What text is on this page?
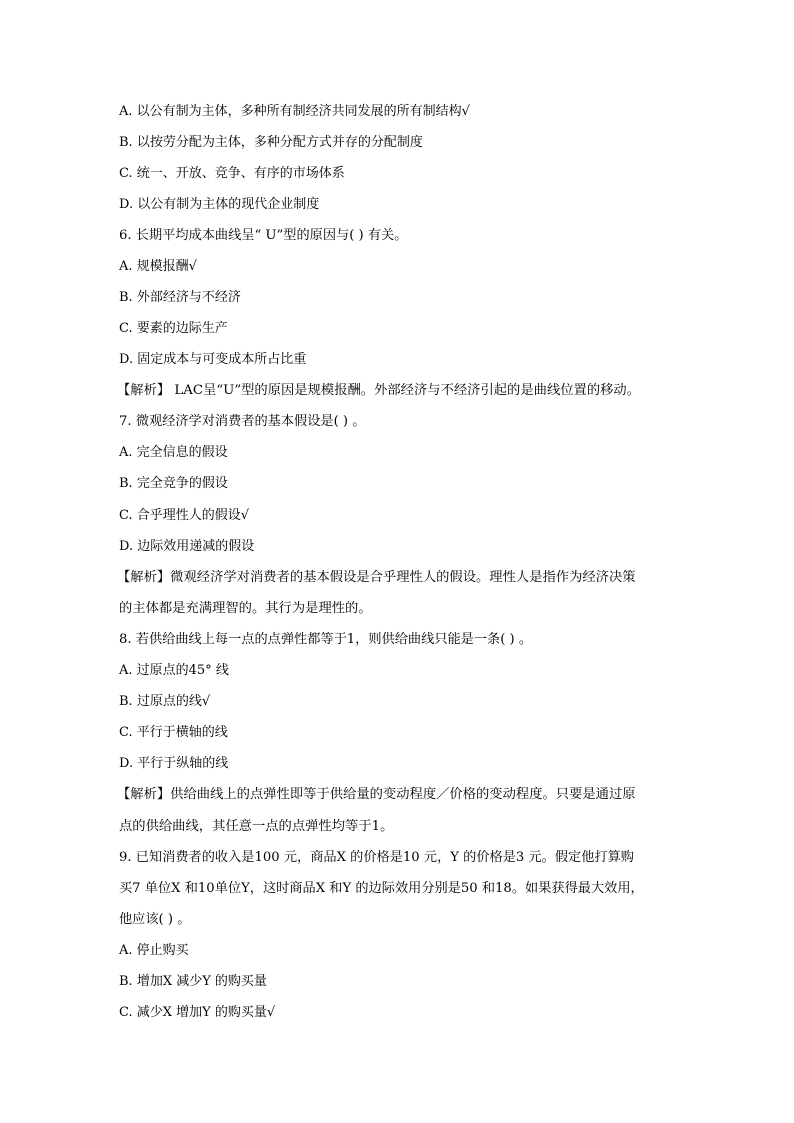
A. 以公有制为主体，多种所有制经济共同发展的所有制结构√
B. 以按劳分配为主体，多种分配方式并存的分配制度
C. 统一、开放、竞争、有序的市场体系
D. 以公有制为主体的现代企业制度
6. 长期平均成本曲线呈“ U”型的原因与( ) 有关。
A. 规模报酬√
B. 外部经济与不经济
C. 要素的边际生产
D. 固定成本与可变成本所占比重
【解析】 LAC呈“U”型的原因是规模报酬。外部经济与不经济引起的是曲线位置的移动。
7. 微观经济学对消费者的基本假设是( ) 。
A. 完全信息的假设
B. 完全竞争的假设
C. 合乎理性人的假设√
D. 边际效用递减的假设
【解析】微观经济学对消费者的基本假设是合乎理性人的假设。理性人是指作为经济决策
的主体都是充满理智的。其行为是理性的。
8. 若供给曲线上每一点的点弹性都等于1，则供给曲线只能是一条( ) 。
A. 过原点的45° 线
B. 过原点的线√
C. 平行于横轴的线
D. 平行于纵轴的线
【解析】供给曲线上的点弹性即等于供给量的变动程度／价格的变动程度。只要是通过原
点的供给曲线，其任意一点的点弹性均等于1。
9. 已知消费者的收入是100 元，商品X 的价格是10 元，Y 的价格是3 元。假定他打算购
买7 单位X 和10单位Y，这时商品X 和Y 的边际效用分别是50 和18。如果获得最大效用，
他应该( ) 。
A. 停止购买
B. 增加X 减少Y 的购买量
C. 减少X 增加Y 的购买量√
